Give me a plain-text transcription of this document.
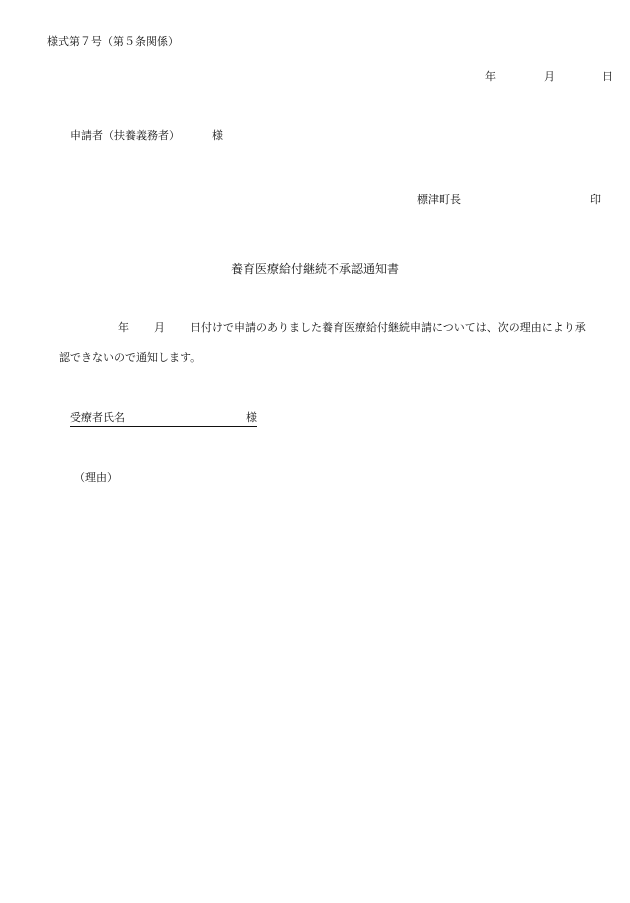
様式第７号（第５条関係）
年	月	日
申請者（扶養義務者）	様
標津町長	印
養育医療給付継続不承認通知書
年 月 日付けで申請のありました養育医療給付継続申請については、次の理由により承
認できないので通知します。
受療者氏名	様

（理由）
